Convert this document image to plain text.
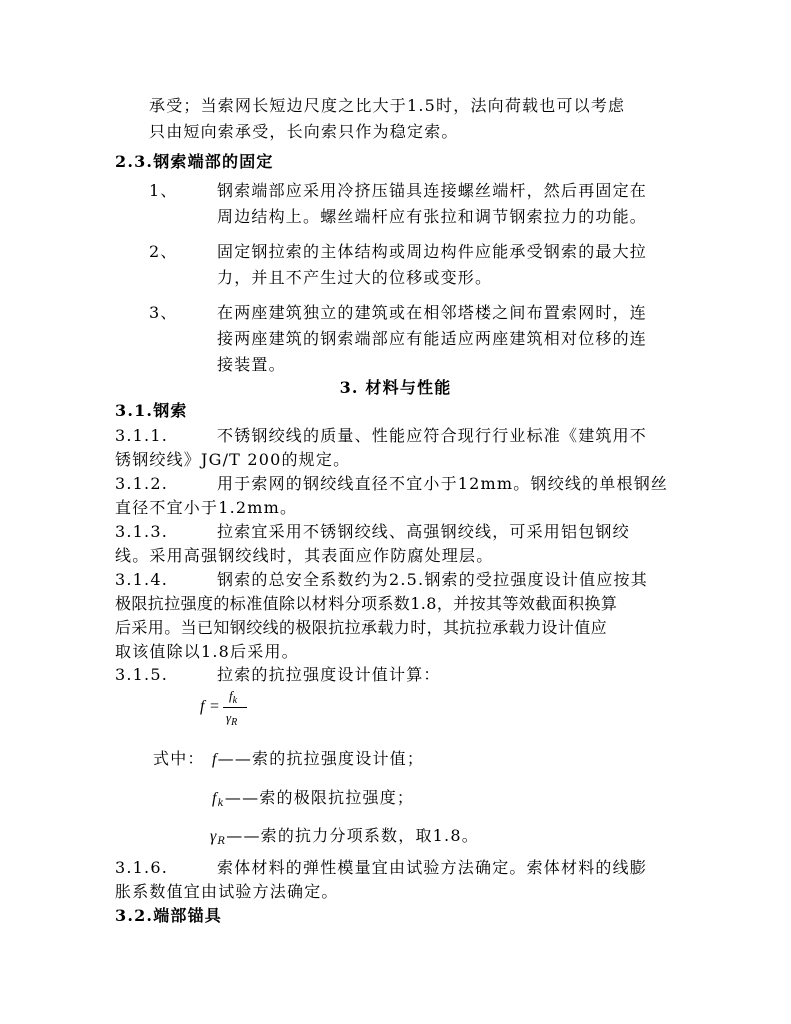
承受；当索网长短边尺度之比大于1.5时，法向荷载也可以考虑
只由短向索承受，长向索只作为稳定索。
2.3.钢索端部的固定
1、 钢索端部应采用冷挤压锚具连接螺丝端杆，然后再固定在
周边结构上。螺丝端杆应有张拉和调节钢索拉力的功能。
2、 固定钢拉索的主体结构或周边构件应能承受钢索的最大拉
力，并且不产生过大的位移或变形。
3、 在两座建筑独立的建筑或在相邻塔楼之间布置索网时，连
接两座建筑的钢索端部应有能适应两座建筑相对位移的连
接装置。
3. 材料与性能
3.1.钢索
3.1.1.	不锈钢绞线的质量、性能应符合现行行业标准《建筑用不
锈钢绞线》JG/T 200的规定。
3.1.2.	用于索网的钢绞线直径不宜小于12mm。钢绞线的单根钢丝
直径不宜小于1.2mm。
3.1.3.	拉索宜采用不锈钢绞线、高强钢绞线，可采用铝包钢绞
线。采用高强钢绞线时，其表面应作防腐处理层。
3.1.4.	钢索的总安全系数约为2.5.钢索的受拉强度设计值应按其
极限抗拉强度的标准值除以材料分项系数1.8，并按其等效截面积换算
后采用。当已知钢绞线的极限抗拉承载力时，其抗拉承载力设计值应
取该值除以1.8后采用。
3.1.5.	拉索的抗拉强度设计值计算：
f =
$f_k$
$\gamma_R$
式中： f——索的抗拉强度设计值；
fk——索的极限抗拉强度；
γR——索的抗力分项系数，取1.8。
3.1.6.	索体材料的弹性模量宜由试验方法确定。索体材料的线膨
胀系数值宜由试验方法确定。
3.2.端部锚具
